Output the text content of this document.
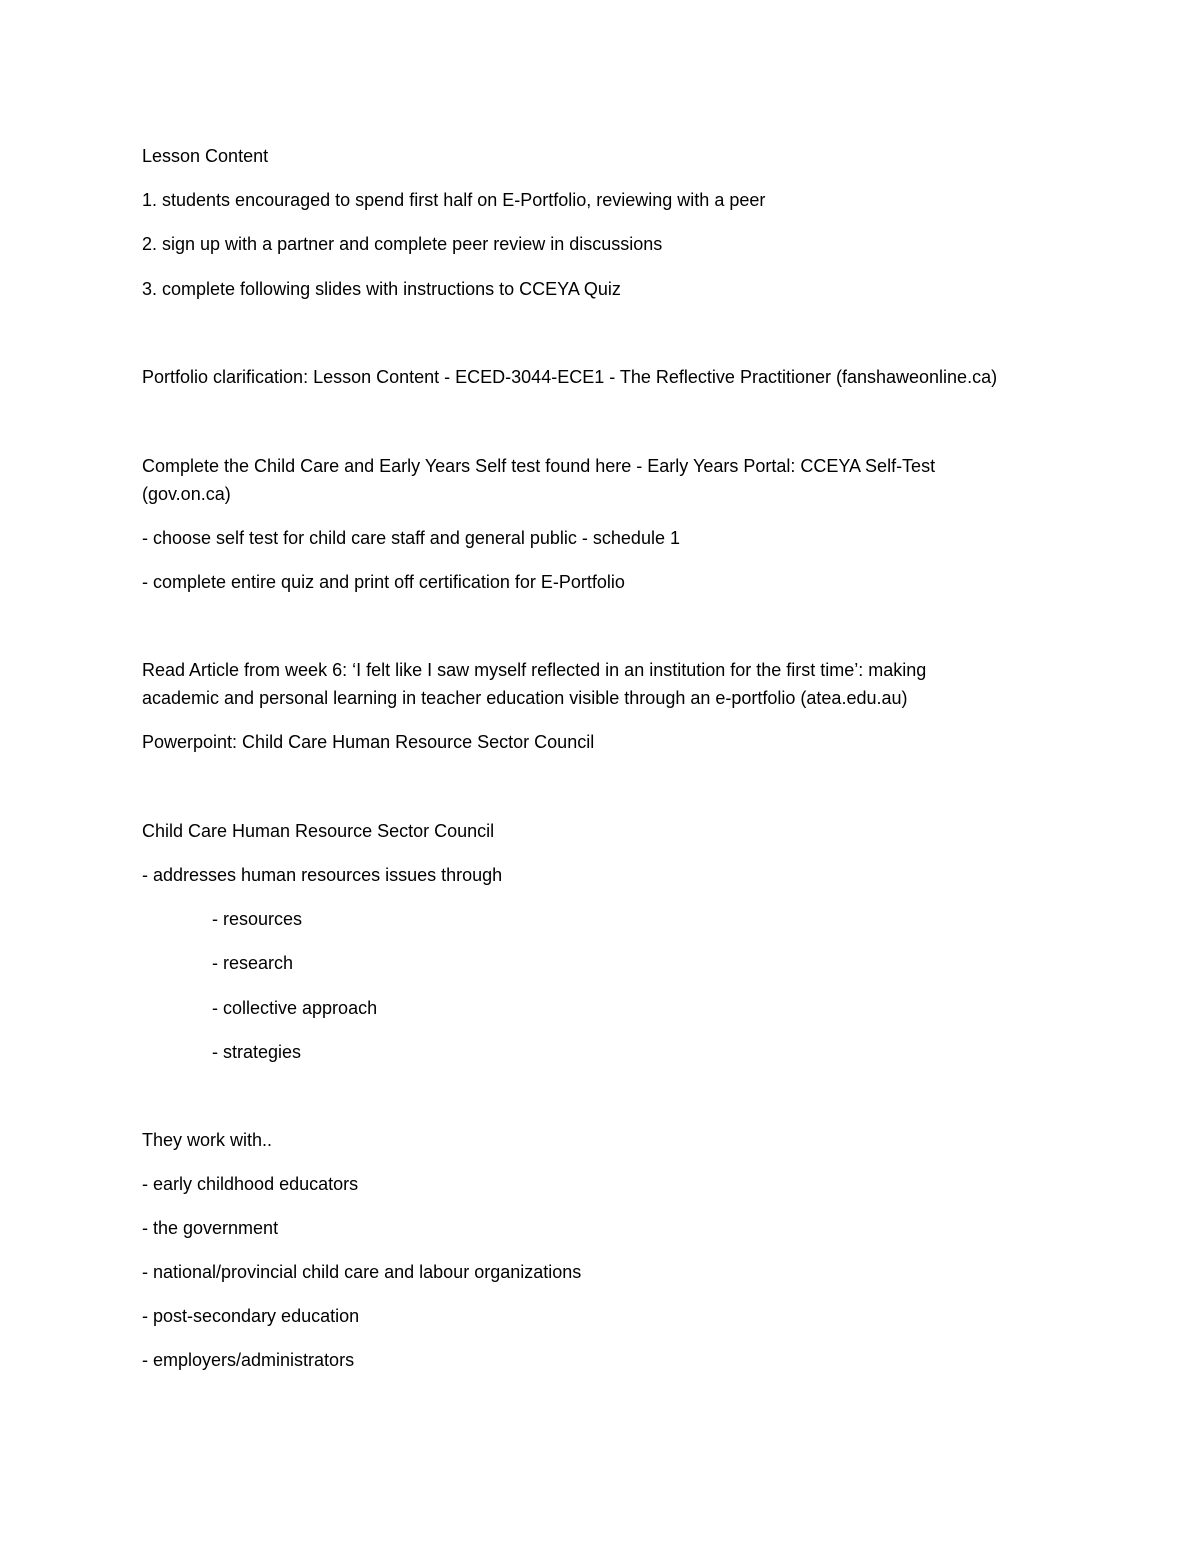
Lesson Content
1. students encouraged to spend first half on E-Portfolio, reviewing with a peer
2. sign up with a partner and complete peer review in discussions
3. complete following slides with instructions to CCEYA Quiz
Portfolio clarification: Lesson Content - ECED-3044-ECE1 - The Reflective Practitioner (fanshaweonline.ca)
Complete the Child Care and Early Years Self test found here - Early Years Portal: CCEYA Self-Test
(gov.on.ca)
- choose self test for child care staff and general public - schedule 1
- complete entire quiz and print off certification for E-Portfolio
Read Article from week 6: ‘I felt like I saw myself reflected in an institution for the first time’: making
academic and personal learning in teacher education visible through an e-portfolio (atea.edu.au)
Powerpoint: Child Care Human Resource Sector Council
Child Care Human Resource Sector Council
- addresses human resources issues through
- resources
- research
- collective approach
- strategies
They work with..
- early childhood educators
- the government
- national/provincial child care and labour organizations
- post-secondary education
- employers/administrators
